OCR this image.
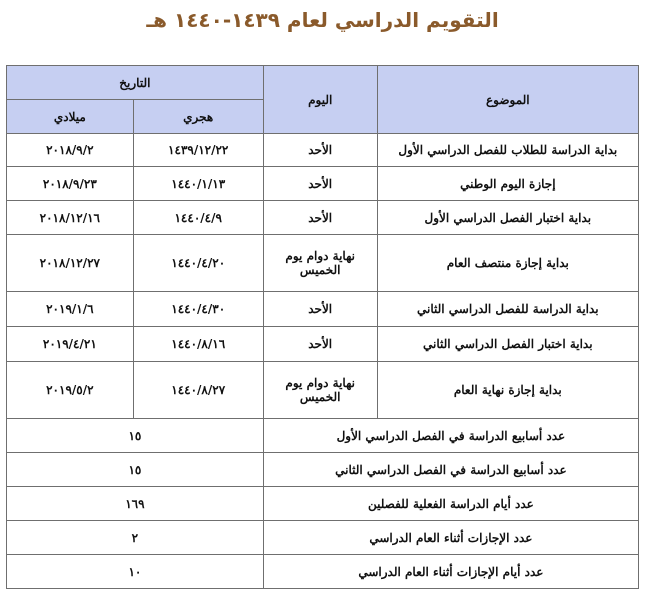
التقويم الدراسي لعام ١٤٣٩-١٤٤٠ هـ
الموضوع	اليوم	التاريخ	
		هجري	ميلادي
بداية الدراسة للطلاب للفصل الدراسي الأول	الأحد	١٤٣٩/١٢/٢٢	٢٠١٨/٩/٢
إجازة اليوم الوطني	الأحد	١٤٤٠/١/١٣	٢٠١٨/٩/٢٣
بداية اختبار الفصل الدراسي الأول	الأحد	١٤٤٠/٤/٩	٢٠١٨/١٢/١٦
بداية إجازة منتصف العام	نهاية دوام يوم الخميس	١٤٤٠/٤/٢٠	٢٠١٨/١٢/٢٧
بداية الدراسة للفصل الدراسي الثاني	الأحد	١٤٤٠/٤/٣٠	٢٠١٩/١/٦
بداية اختبار الفصل الدراسي الثاني	الأحد	١٤٤٠/٨/١٦	٢٠١٩/٤/٢١
بداية إجازة نهاية العام	نهاية دوام يوم الخميس	١٤٤٠/٨/٢٧	٢٠١٩/٥/٢
عدد أسابيع الدراسة في الفصل الدراسي الأول		١٥	
عدد أسابيع الدراسة في الفصل الدراسي الثاني		١٥	
عدد أيام الدراسة الفعلية للفصلين		١٦٩	
عدد الإجازات أثناء العام الدراسي		٢	
عدد أيام الإجازات أثناء العام الدراسي		١٠	
